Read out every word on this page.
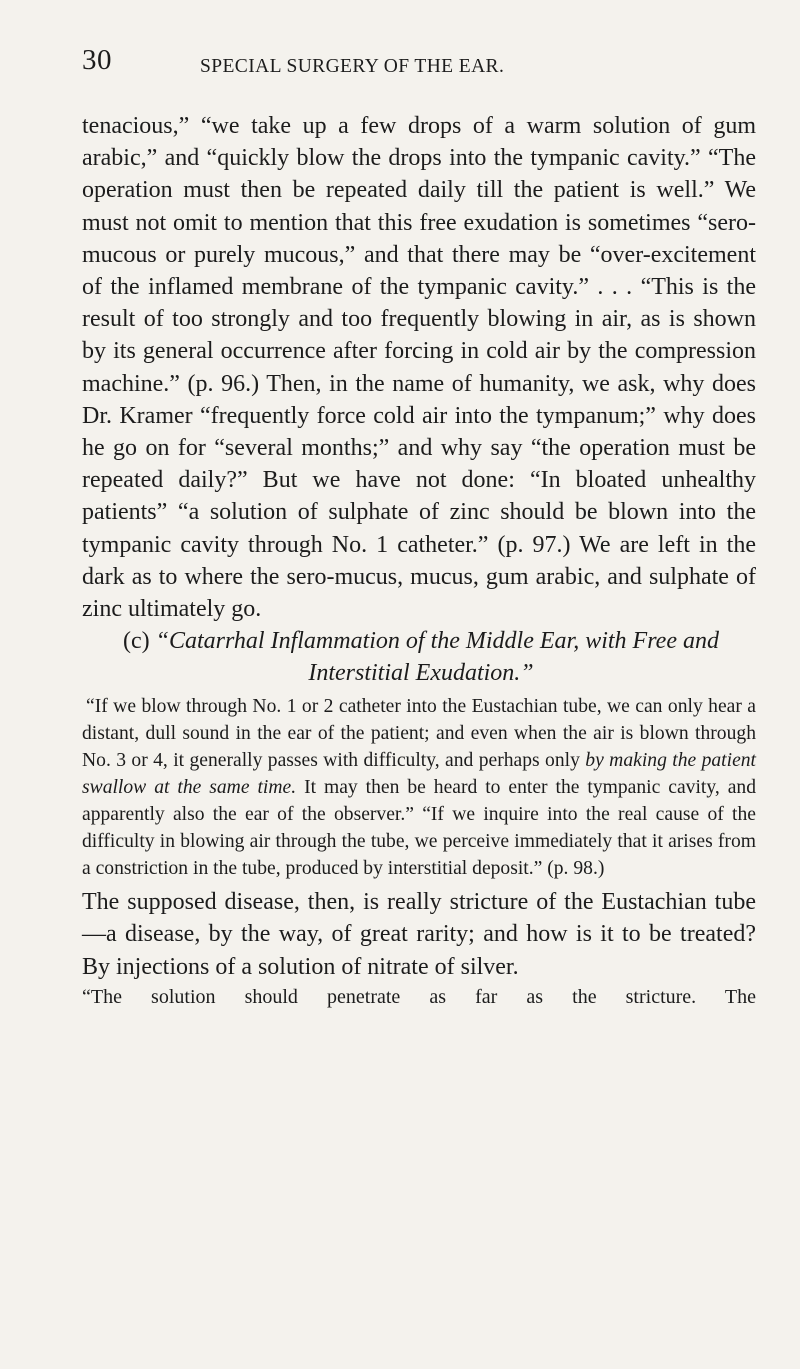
30	SPECIAL SURGERY OF THE EAR.

tenacious,” “we take up a few drops of a warm solution of gum arabic,” and “quickly blow the drops into the tympanic cavity.” “The operation must then be repeated daily till the patient is well.” We must not omit to mention that this free exudation is sometimes “sero-mucous or purely mucous,” and that there may be “over-excitement of the inflamed membrane of the tympanic cavity.” . . . “This is the result of too strongly and too frequently blowing in air, as is shown by its general occurrence after forcing in cold air by the compression machine.” (p. 96.) Then, in the name of humanity, we ask, why does Dr. Kramer “frequently force cold air into the tympanum;” why does he go on for “several months;” and why say “the operation must be repeated daily?” But we have not done: “In bloated unhealthy patients” “a solution of sulphate of zinc should be blown into the tympanic cavity through No. 1 catheter.” (p. 97.) We are left in the dark as to where the sero-mucus, mucus, gum arabic, and sulphate of zinc ultimately go.

(c) “Catarrhal Inflammation of the Middle Ear, with Free and Interstitial Exudation.”

“If we blow through No. 1 or 2 catheter into the Eustachian tube, we can only hear a distant, dull sound in the ear of the patient; and even when the air is blown through No. 3 or 4, it generally passes with difficulty, and perhaps only by making the patient swallow at the same time. It may then be heard to enter the tympanic cavity, and apparently also the ear of the observer.” “If we inquire into the real cause of the difficulty in blowing air through the tube, we perceive immediately that it arises from a constriction in the tube, produced by interstitial deposit.” (p. 98.)

The supposed disease, then, is really stricture of the Eustachian tube—a disease, by the way, of great rarity; and how is it to be treated? By injections of a solution of nitrate of silver.

“The solution should penetrate as far as the stricture. The
